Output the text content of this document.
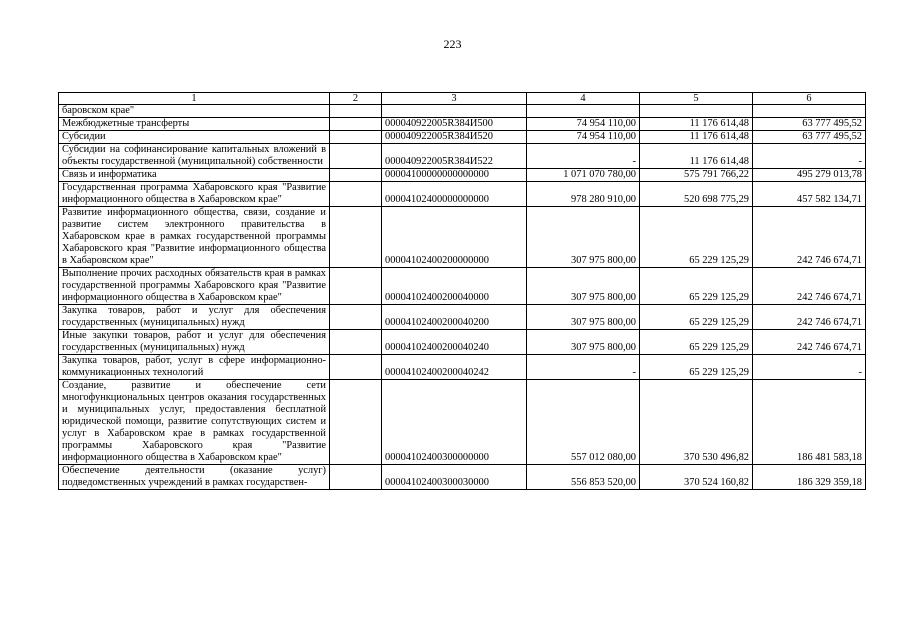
223
1	2	3	4	5	6
баровском крае"					
Межбюджетные трансферты		000040922005R384И500	74 954 110,00	11 176 614,48	63 777 495,52
Субсидии		000040922005R384И520	74 954 110,00	11 176 614,48	63 777 495,52
Субсидии на софинансирование капитальных вложений в объекты государственной (муниципальной) собственности		000040922005R384И522	-	11 176 614,48	-
Связь и информатика		00004100000000000000	1 071 070 780,00	575 791 766,22	495 279 013,78
Государственная программа Хабаровского края "Развитие информационного общества в Хабаровском крае"		00004102400000000000	978 280 910,00	520 698 775,29	457 582 134,71
Развитие информационного общества, связи, создание и развитие систем электронного правительства в Хабаровском крае в рамках государственной программы Хабаровского края "Развитие информационного общества в Хабаровском крае"		00004102400200000000	307 975 800,00	65 229 125,29	242 746 674,71
Выполнение прочих расходных обязательств края в рамках государственной программы Хабаровского края "Развитие информационного общества в Хабаровском крае"		00004102400200040000	307 975 800,00	65 229 125,29	242 746 674,71
Закупка товаров, работ и услуг для обеспечения государственных (муниципальных) нужд		00004102400200040200	307 975 800,00	65 229 125,29	242 746 674,71
Иные закупки товаров, работ и услуг для обеспечения государственных (муниципальных) нужд		00004102400200040240	307 975 800,00	65 229 125,29	242 746 674,71
Закупка товаров, работ, услуг в сфере информационно-коммуникационных технологий		00004102400200040242	-	65 229 125,29	-
Создание, развитие и обеспечение сети многофункциональных центров оказания государственных и муниципальных услуг, предоставления бесплатной юридической помощи, развитие сопутствующих систем и услуг в Хабаровском крае в рамках государственной программы Хабаровского края "Развитие информационного общества в Хабаровском крае"		00004102400300000000	557 012 080,00	370 530 496,82	186 481 583,18
Обеспечение деятельности (оказание услуг) подведомственных учреждений в рамках государствен-		00004102400300030000	556 853 520,00	370 524 160,82	186 329 359,18
